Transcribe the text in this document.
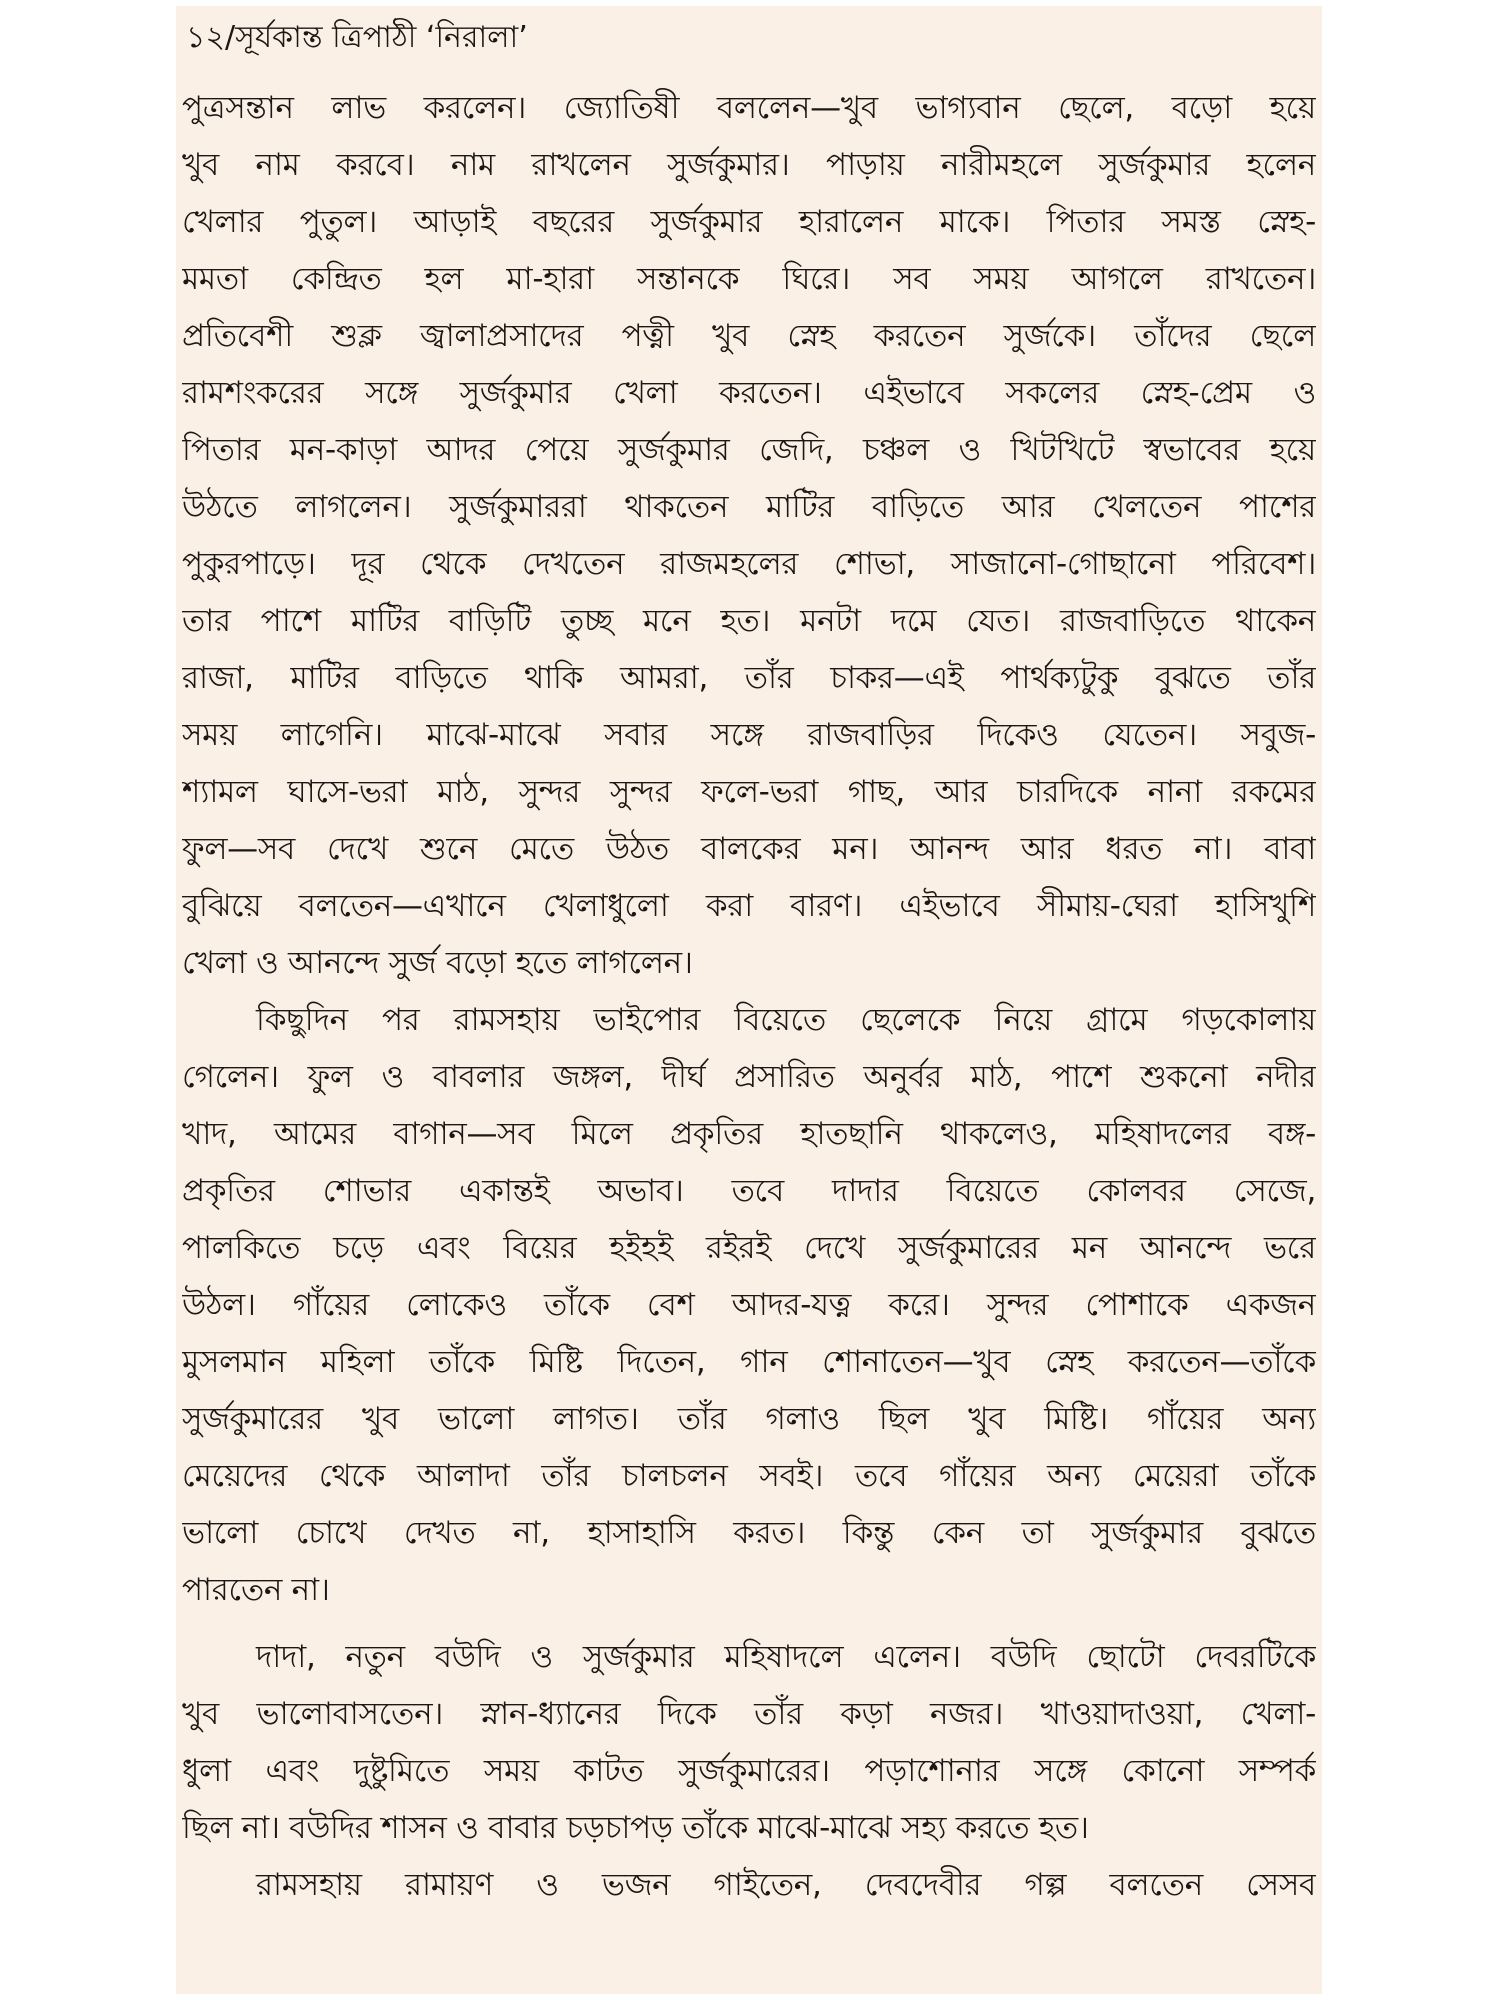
১২/সূর্যকান্ত ত্রিপাঠী ‘নিরালা’
পুত্রসন্তান লাভ করলেন। জ্যোতিষী বললেন—খুব ভাগ্যবান ছেলে, বড়ো হয়ে
খুব নাম করবে। নাম রাখলেন সুর্জকুমার। পাড়ায় নারীমহলে সুর্জকুমার হলেন
খেলার পুতুল। আড়াই বছরের সুর্জকুমার হারালেন মাকে। পিতার সমস্ত স্নেহ-
মমতা কেন্দ্রিত হল মা-হারা সন্তানকে ঘিরে। সব সময় আগলে রাখতেন।
প্রতিবেশী শুক্ল জ্বালাপ্রসাদের পত্নী খুব স্নেহ করতেন সুর্জকে। তাঁদের ছেলে
রামশংকরের সঙ্গে সুর্জকুমার খেলা করতেন। এইভাবে সকলের স্নেহ-প্রেম ও
পিতার মন-কাড়া আদর পেয়ে সুর্জকুমার জেদি, চঞ্চল ও খিটখিটে স্বভাবের হয়ে
উঠতে লাগলেন। সুর্জকুমাররা থাকতেন মাটির বাড়িতে আর খেলতেন পাশের
পুকুরপাড়ে। দূর থেকে দেখতেন রাজমহলের শোভা, সাজানো-গোছানো পরিবেশ।
তার পাশে মাটির বাড়িটি তুচ্ছ মনে হত। মনটা দমে যেত। রাজবাড়িতে থাকেন
রাজা, মাটির বাড়িতে থাকি আমরা, তাঁর চাকর—এই পার্থক্যটুকু বুঝতে তাঁর
সময় লাগেনি। মাঝে-মাঝে সবার সঙ্গে রাজবাড়ির দিকেও যেতেন। সবুজ-
শ্যামল ঘাসে-ভরা মাঠ, সুন্দর সুন্দর ফলে-ভরা গাছ, আর চারদিকে নানা রকমের
ফুল—সব দেখে শুনে মেতে উঠত বালকের মন। আনন্দ আর ধরত না। বাবা
বুঝিয়ে বলতেন—এখানে খেলাধুলো করা বারণ। এইভাবে সীমায়-ঘেরা হাসিখুশি
খেলা ও আনন্দে সুর্জ বড়ো হতে লাগলেন।
কিছুদিন পর রামসহায় ভাইপোর বিয়েতে ছেলেকে নিয়ে গ্রামে গড়কোলায়
গেলেন। ফুল ও বাবলার জঙ্গল, দীর্ঘ প্রসারিত অনুর্বর মাঠ, পাশে শুকনো নদীর
খাদ, আমের বাগান—সব মিলে প্রকৃতির হাতছানি থাকলেও, মহিষাদলের বঙ্গ-
প্রকৃতির শোভার একান্তই অভাব। তবে দাদার বিয়েতে কোলবর সেজে,
পালকিতে চড়ে এবং বিয়ের হইহই রইরই দেখে সুর্জকুমারের মন আনন্দে ভরে
উঠল। গাঁয়ের লোকেও তাঁকে বেশ আদর-যত্ন করে। সুন্দর পোশাকে একজন
মুসলমান মহিলা তাঁকে মিষ্টি দিতেন, গান শোনাতেন—খুব স্নেহ করতেন—তাঁকে
সুর্জকুমারের খুব ভালো লাগত। তাঁর গলাও ছিল খুব মিষ্টি। গাঁয়ের অন্য
মেয়েদের থেকে আলাদা তাঁর চালচলন সবই। তবে গাঁয়ের অন্য মেয়েরা তাঁকে
ভালো চোখে দেখত না, হাসাহাসি করত। কিন্তু কেন তা সুর্জকুমার বুঝতে
পারতেন না।
দাদা, নতুন বউদি ও সুর্জকুমার মহিষাদলে এলেন। বউদি ছোটো দেবরটিকে
খুব ভালোবাসতেন। স্নান-ধ্যানের দিকে তাঁর কড়া নজর। খাওয়াদাওয়া, খেলা-
ধুলা এবং দুষ্টুমিতে সময় কাটত সুর্জকুমারের। পড়াশোনার সঙ্গে কোনো সম্পর্ক
ছিল না। বউদির শাসন ও বাবার চড়চাপড় তাঁকে মাঝে-মাঝে সহ্য করতে হত।
রামসহায় রামায়ণ ও ভজন গাইতেন, দেবদেবীর গল্প বলতেন সেসব
